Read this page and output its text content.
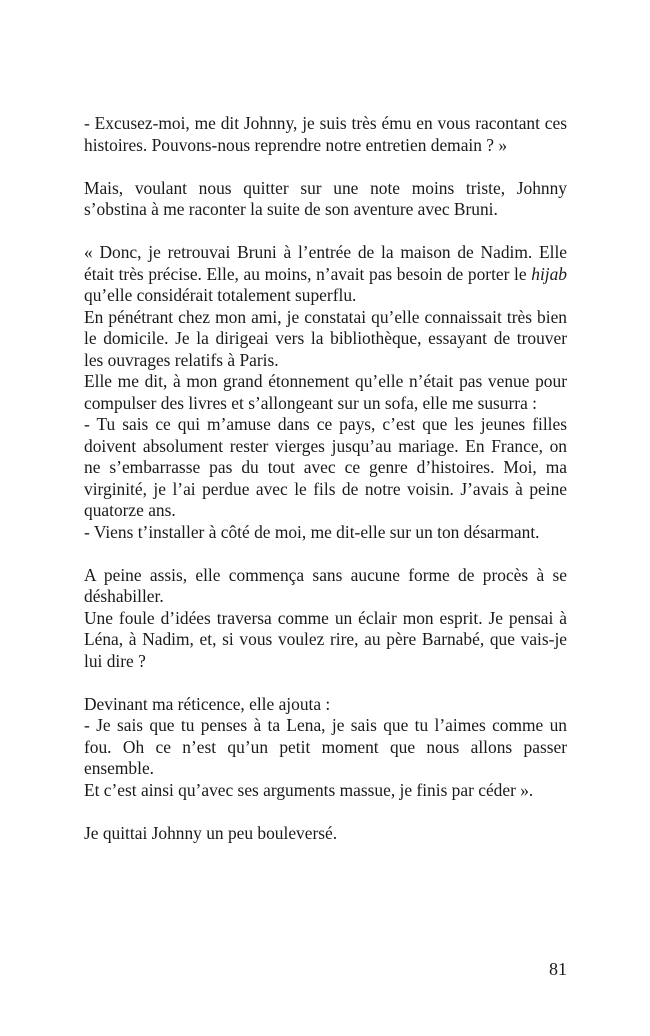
- Excusez-moi, me dit Johnny, je suis très ému en vous racontant ces histoires. Pouvons-nous reprendre notre entretien demain ? »

Mais, voulant nous quitter sur une note moins triste, Johnny s’obstina à me raconter la suite de son aventure avec Bruni.

« Donc, je retrouvai Bruni à l’entrée de la maison de Nadim. Elle était très précise. Elle, au moins, n’avait pas besoin de porter le hijab qu’elle considérait totalement superflu.

En pénétrant chez mon ami, je constatai qu’elle connaissait très bien le domicile. Je la dirigeai vers la bibliothèque, essayant de trouver les ouvrages relatifs à Paris.

Elle me dit, à mon grand étonnement qu’elle n’était pas venue pour compulser des livres et s’allongeant sur un sofa, elle me susurra :

- Tu sais ce qui m’amuse dans ce pays, c’est que les jeunes filles doivent absolument rester vierges jusqu’au mariage. En France, on ne s’embarrasse pas du tout avec ce genre d’histoires. Moi, ma virginité, je l’ai perdue avec le fils de notre voisin. J’avais à peine quatorze ans.

- Viens t’installer à côté de moi, me dit-elle sur un ton désarmant.

A peine assis, elle commença sans aucune forme de procès à se déshabiller.

Une foule d’idées traversa comme un éclair mon esprit. Je pensai à Léna, à Nadim, et, si vous voulez rire, au père Barnabé, que vais-je lui dire ?

Devinant ma réticence, elle ajouta :

- Je sais que tu penses à ta Lena, je sais que tu l’aimes comme un fou. Oh ce n’est qu’un petit moment que nous allons passer ensemble.

Et c’est ainsi qu’avec ses arguments massue, je finis par céder ».

Je quittai Johnny un peu bouleversé.

81
